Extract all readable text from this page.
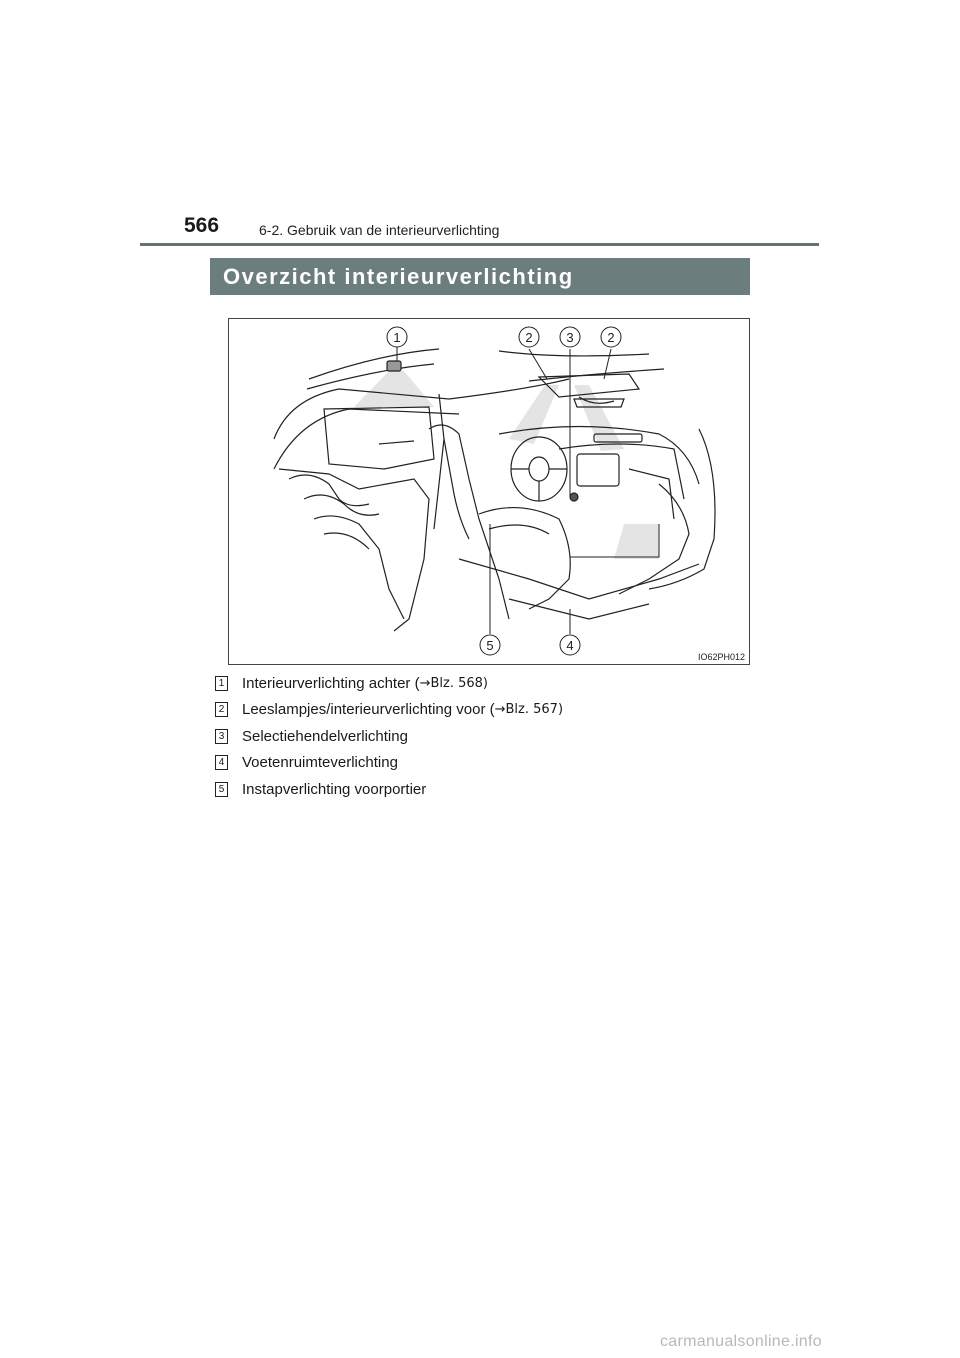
566	6-2. Gebruik van de interieurverlichting
Overzicht interieurverlichting
1	2	3	2
5	4
IO62PH012
1 Interieurverlichting achter ( →Blz. 568)
2 Leeslampjes/interieurverlichting voor ( →Blz. 567)
3 Selectiehendelverlichting
4 Voetenruimteverlichting
5 Instapverlichting voorportier
carmanualsonline.info
